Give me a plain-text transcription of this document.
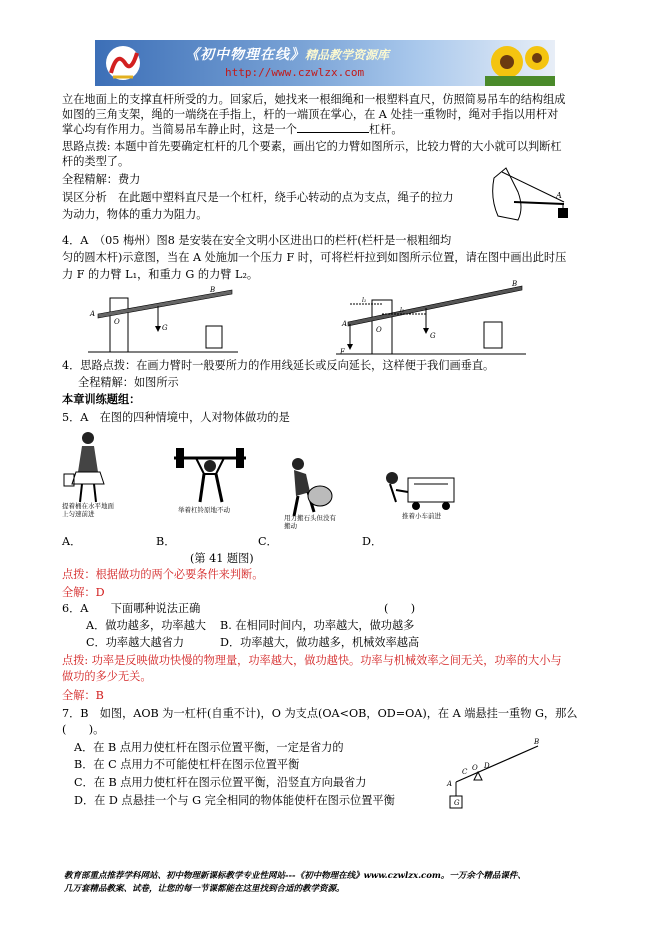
《初中物理在线》 精品教学资源库
http://www.czwlzx.com
立在地面上的支撑直杆所受的力。回家后，她找来一根细绳和一根塑料直尺，仿照简易吊车的结构组成
如图的三角支架，绳的一端绕在手指上，杆的一端顶在掌心，在 A 处挂一重物时，绳对手指以用杆对
掌心均有作用力。当简易吊车静止时，这是一个	杠杆。
思路点拨: 本题中首先要确定杠杆的几个要素，画出它的力臂如图所示，比较力臂的大小就可以判断杠
杆的类型了。
全程精解：费力
误区分析　在此题中塑料直尺是一个杠杆，绕手心转动的点为支点，绳子的拉力
为动力，物体的重力为阻力。
A
4．A　（05 梅州）图8 是安装在安全文明小区进出口的栏杆(栏杆是一根粗细均
匀的圆木杆)示意图，当在 A 处施加一个压力 F 时，可将栏杆拉到如图所示位置，请在图中画出此时压
力 F 的力臂 L₁，和重力 G 的力臂 L₂。
A
O
G
B
A
F
l₁
l₂
O
G
B
4．思路点拨：在画力臂时一般要所力的作用线延长或反向延长，这样便于我们画垂直。
全程精解：如图所示
本章训练题组：
5．A　在图的四种情境中，人对物体做功的是
提着桶在水平地面上匀速前进	举着杠铃原地不动
用力搬石头但没有搬动
推着小车前进
A．	B．	C．	D．
(第 41 题图)
点拨：根据做功的两个必要条件来判断。
全解：D
6．A　　下面哪种说法正确	(　　)
A．做功越多，功率越大 B. 在相同时间内，功率越大，做功越多
C．功率越大越省力	D．功率越大，做功越多，机械效率越高
点拨: 功率是反映做功快慢的物理量，功率越大，做功越快。功率与机械效率之间无关，功率的大小与
做功的多少无关。
全解：B
7．B　如图，AOB 为一杠杆(自重不计)，O 为支点(OA<OB，OD=OA)，在 A 端悬挂一重物 G，那么
(　　)。
A．在 B 点用力使杠杆在图示位置平衡，一定是省力的
B．在 C 点用力不可能使杠杆在图示位置平衡
C．在 B 点用力使杠杆在图示位置平衡，沿竖直方向最省力
D．在 D 点悬挂一个与 G 完全相同的物体能使杆在图示位置平衡	G
A
C O D
B
教育部重点推荐学科网站、初中物理新课标教学专业性网站---《初中物理在线》www.czwlzx.com。一万余个精品课件、
几万套精品教案、试卷，让您的每一节课都能在这里找到合适的教学资源。
